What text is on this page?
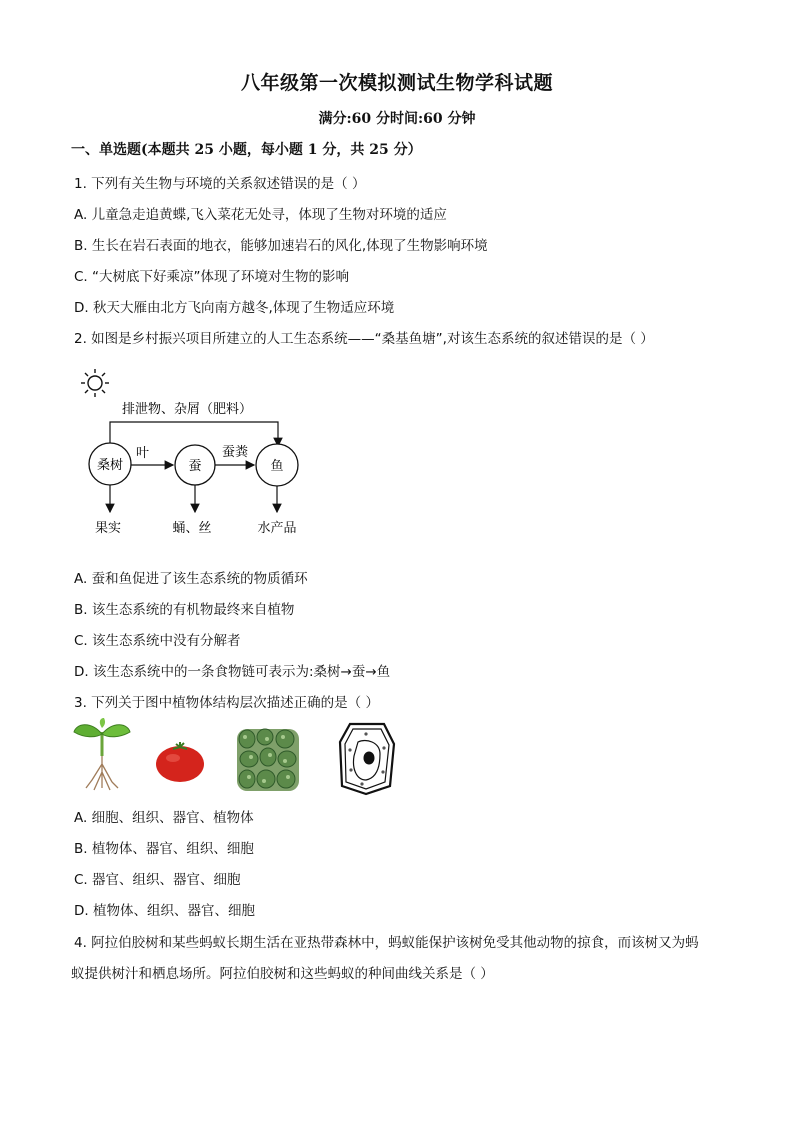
八年级第一次模拟测试生物学科试题
满分:60 分时间:60 分钟
一、单选题(本题共 25 小题，每小题 1 分，共 25 分）
1. 下列有关生物与环境的关系叙述错误的是（ ）
A. 儿童急走追黄蝶,飞入菜花无处寻，体现了生物对环境的适应
B. 生长在岩石表面的地衣，能够加速岩石的风化,体现了生物影响环境
C. “大树底下好乘凉”体现了环境对生物的影响
D. 秋天大雁由北方飞向南方越冬,体现了生物适应环境
2. 如图是乡村振兴项目所建立的人工生态系统——“桑基鱼塘”,对该生态系统的叙述错误的是（ ）
排泄物、杂屑（肥料）
桑树	蚕	鱼
叶	蚕粪
果实	蛹、丝	水产品
A. 蚕和鱼促进了该生态系统的物质循环
B. 该生态系统的有机物最终来自植物
C. 该生态系统中没有分解者
D. 该生态系统中的一条食物链可表示为:桑树→蚕→鱼
3. 下列关于图中植物体结构层次描述正确的是（ ）
A. 细胞、组织、器官、植物体
B. 植物体、器官、组织、细胞
C. 器官、组织、器官、细胞
D. 植物体、组织、器官、细胞
4. 阿拉伯胶树和某些蚂蚁长期生活在亚热带森林中，蚂蚁能保护该树免受其他动物的掠食，而该树又为蚂
蚁提供树汁和栖息场所。阿拉伯胶树和这些蚂蚁的种间曲线关系是（ ）
